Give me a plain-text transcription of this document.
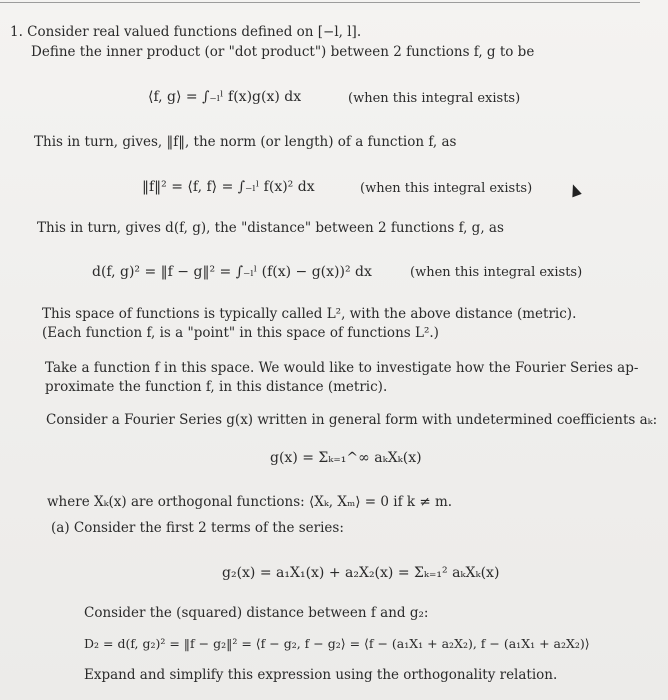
1. Consider real valued functions defined on [−l, l].
Define the inner product (or "dot product") between 2 functions f, g to be
⟨f, g⟩ = ∫₋ₗˡ f(x)g(x) dx	(when this integral exists)
This in turn, gives, ‖f‖, the norm (or length) of a function f, as
‖f‖² = ⟨f, f⟩ = ∫₋ₗˡ f(x)² dx	(when this integral exists)
This in turn, gives d(f, g), the "distance" between 2 functions f, g, as
d(f, g)² = ‖f − g‖² = ∫₋ₗˡ (f(x) − g(x))² dx	(when this integral exists)
This space of functions is typically called L², with the above distance (metric).
(Each function f, is a "point" in this space of functions L².)
Take a function f in this space. We would like to investigate how the Fourier Series ap-
proximate the function f, in this distance (metric).
Consider a Fourier Series g(x) written in general form with undetermined coefficients aₖ:
g(x) = Σₖ₌₁^∞ aₖXₖ(x)
where Xₖ(x) are orthogonal functions: ⟨Xₖ, Xₘ⟩ = 0 if k ≠ m.
(a) Consider the first 2 terms of the series:
g₂(x) = a₁X₁(x) + a₂X₂(x) = Σₖ₌₁² aₖXₖ(x)
Consider the (squared) distance between f and g₂:
D₂ = d(f, g₂)² = ‖f − g₂‖² = ⟨f − g₂, f − g₂⟩ = ⟨f − (a₁X₁ + a₂X₂), f − (a₁X₁ + a₂X₂)⟩
Expand and simplify this expression using the orthogonality relation.
